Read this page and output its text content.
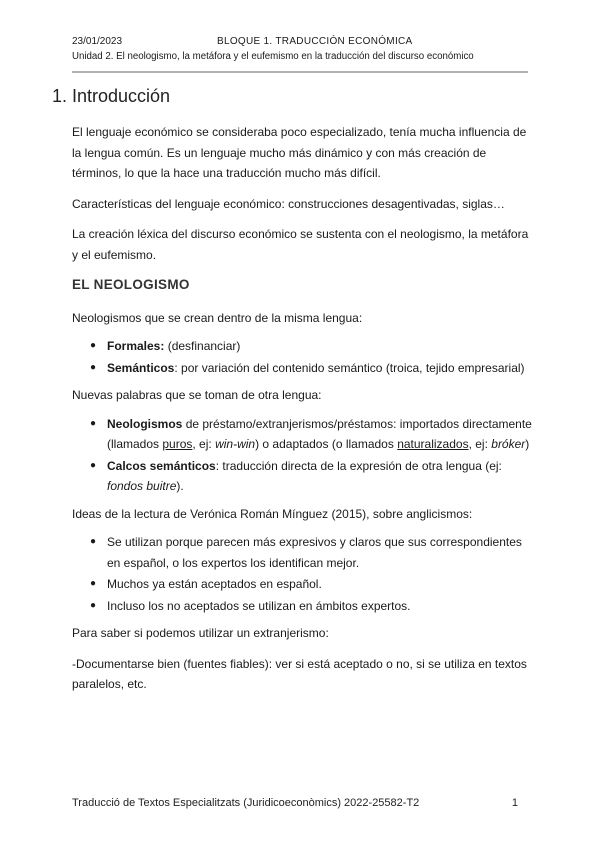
23/01/2023	BLOQUE 1. TRADUCCIÓN ECONÓMICA
Unidad 2. El neologismo, la metáfora y el eufemismo en la traducción del discurso económico
1. Introducción

El lenguaje económico se consideraba poco especializado, tenía mucha influencia de la lengua común. Es un lenguaje mucho más dinámico y con más creación de términos, lo que la hace una traducción mucho más difícil.

Características del lenguaje económico: construcciones desagentivadas, siglas…

La creación léxica del discurso económico se sustenta con el neologismo, la metáfora y el eufemismo.

EL NEOLOGISMO

Neologismos que se crean dentro de la misma lengua:

● Formales: (desfinanciar)
● Semánticos: por variación del contenido semántico (troica, tejido empresarial)

Nuevas palabras que se toman de otra lengua:

● Neologismos de préstamo/extranjerismos/préstamos: importados directamente (llamados puros, ej: win-win) o adaptados (o llamados naturalizados, ej: bróker)
● Calcos semánticos: traducción directa de la expresión de otra lengua (ej: fondos buitre).

Ideas de la lectura de Verónica Román Mínguez (2015), sobre anglicismos:

● Se utilizan porque parecen más expresivos y claros que sus correspondientes en español, o los expertos los identifican mejor.
● Muchos ya están aceptados en español.
● Incluso los no aceptados se utilizan en ámbitos expertos.

Para saber si podemos utilizar un extranjerismo:

-Documentarse bien (fuentes fiables): ver si está aceptado o no, si se utiliza en textos paralelos, etc.

Traducció de Textos Especialitzats (Juridicoeconòmics) 2022-25582-T2	1
